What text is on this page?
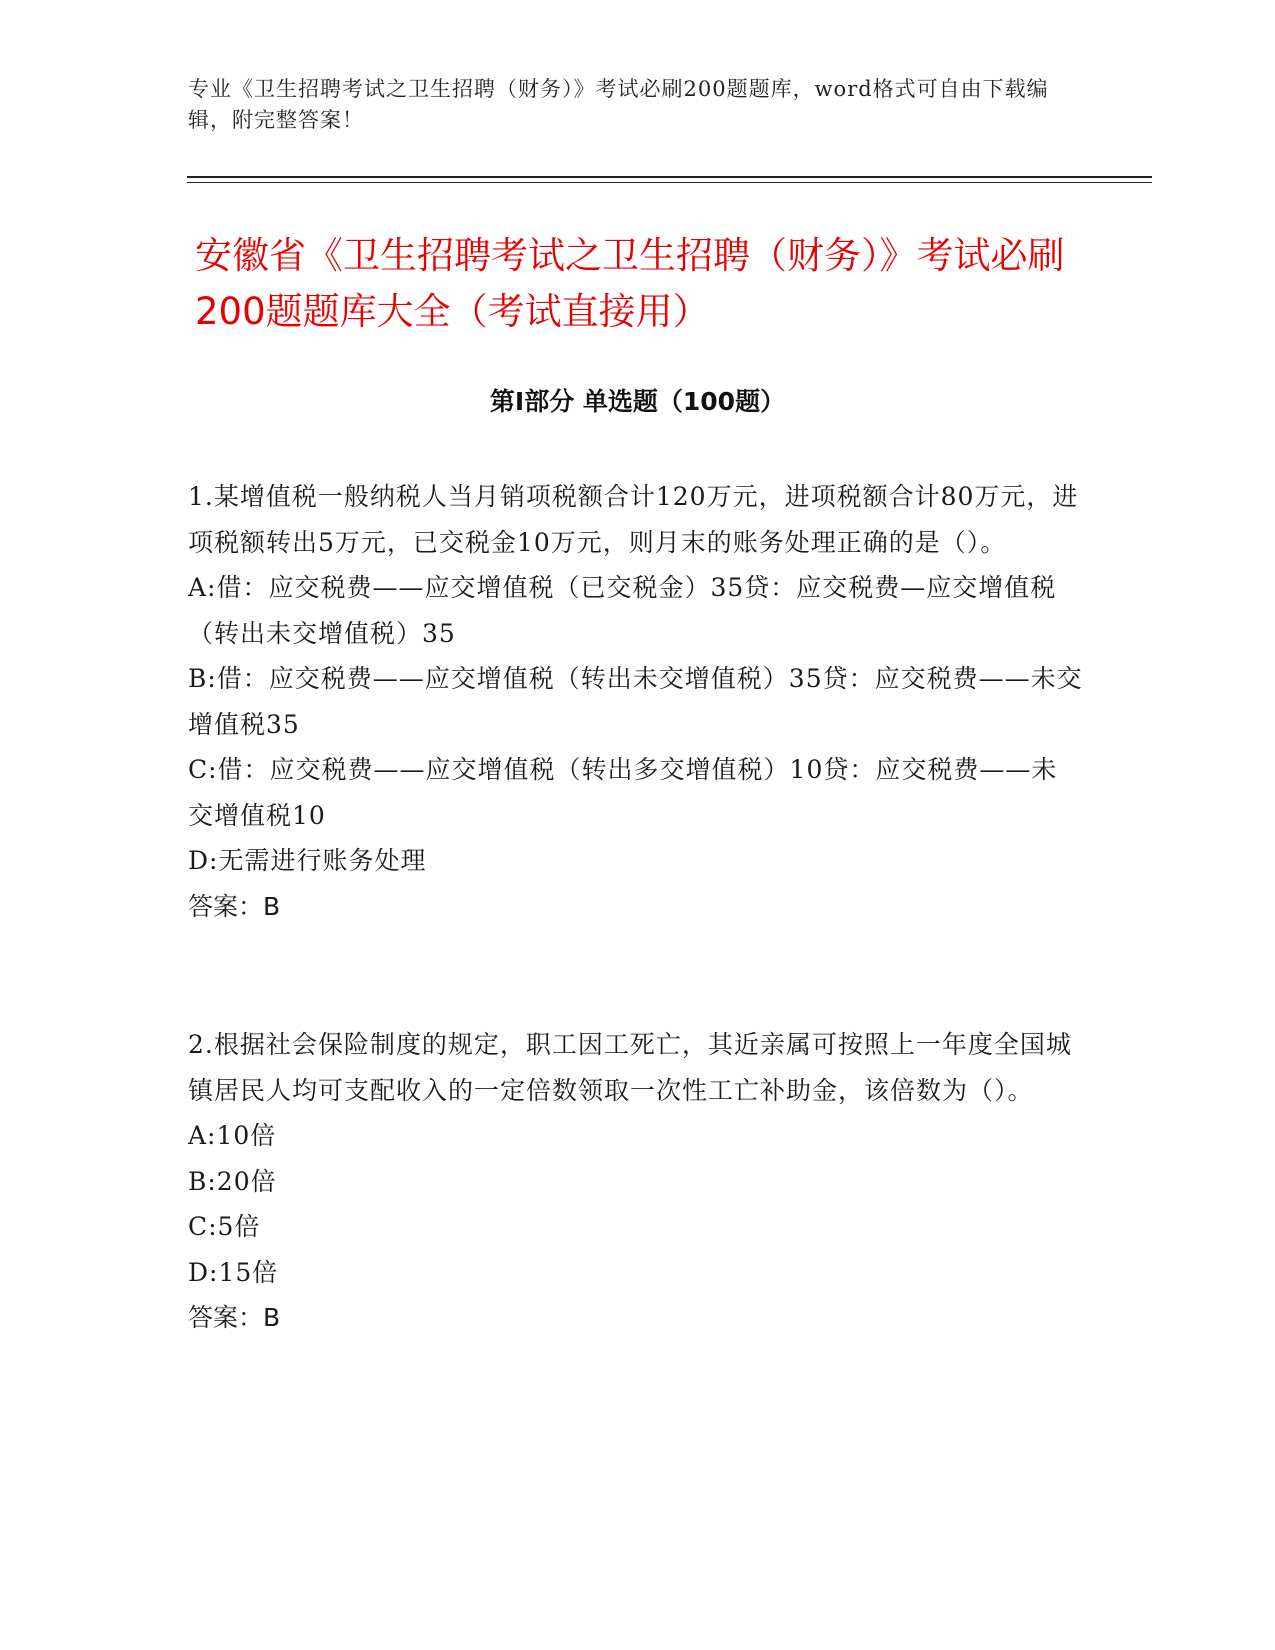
专业《卫生招聘考试之卫生招聘（财务）》考试必刷200题题库，word格式可自由下载编辑，附完整答案！
安徽省《卫生招聘考试之卫生招聘（财务）》考试必刷200题题库大全（考试直接用）
第I部分 单选题（100题）

1.某增值税一般纳税人当月销项税额合计120万元，进项税额合计80万元，进项税额转出5万元，已交税金10万元，则月末的账务处理正确的是（）。

A:借：应交税费——应交增值税（已交税金）35贷：应交税费—应交增值税（转出未交增值税）35

B:借：应交税费——应交增值税（转出未交增值税）35贷：应交税费——未交增值税35

C:借：应交税费——应交增值税（转出多交增值税）10贷：应交税费——未交增值税10

D:无需进行账务处理

答案：B

2.根据社会保险制度的规定，职工因工死亡，其近亲属可按照上一年度全国城镇居民人均可支配收入的一定倍数领取一次性工亡补助金，该倍数为（）。

A:10倍

B:20倍

C:5倍

D:15倍

答案：B
